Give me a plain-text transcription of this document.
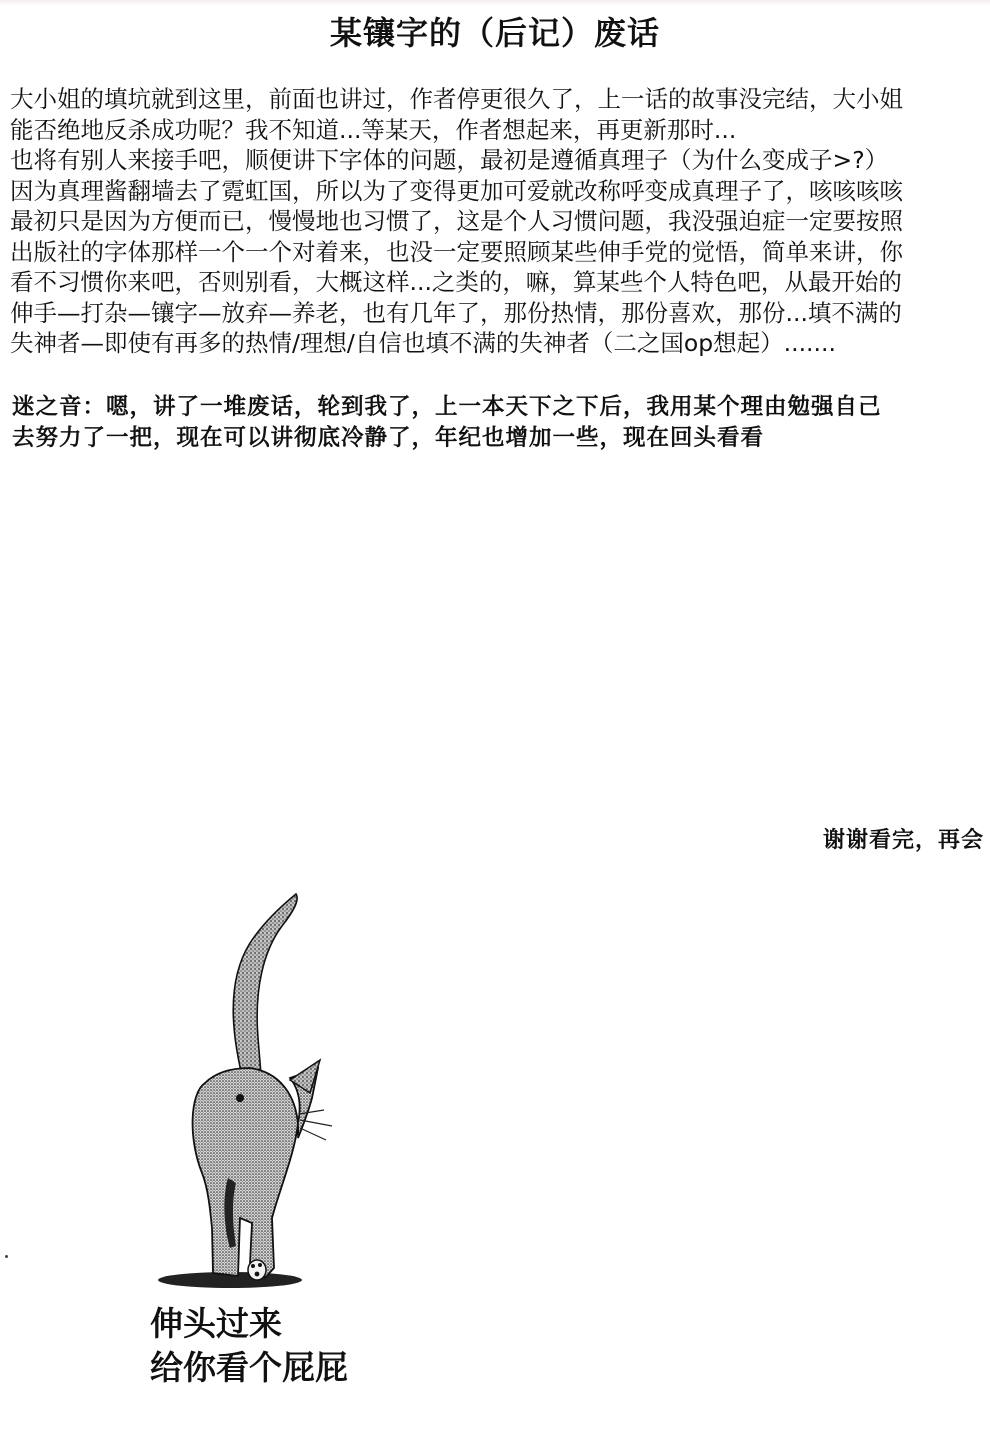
某镶字的（后记）废话
大小姐的填坑就到这里，前面也讲过，作者停更很久了，上一话的故事没完结，大小姐
能否绝地反杀成功呢？我不知道...等某天，作者想起来，再更新那时...
也将有别人来接手吧，顺便讲下字体的问题，最初是遵循真理子（为什么变成子>?）
因为真理酱翻墙去了霓虹国，所以为了变得更加可爱就改称呼变成真理子了，咳咳咳咳
最初只是因为方便而已，慢慢地也习惯了，这是个人习惯问题，我没强迫症一定要按照
出版社的字体那样一个一个对着来，也没一定要照顾某些伸手党的觉悟，简单来讲，你
看不习惯你来吧，否则别看，大概这样...之类的，嘛，算某些个人特色吧，从最开始的
伸手—打杂—镶字—放弃—养老，也有几年了，那份热情，那份喜欢，那份...填不满的
失神者—即使有再多的热情/理想/自信也填不满的失神者（二之国op想起）.......
迷之音：嗯，讲了一堆废话，轮到我了，上一本天下之下后，我用某个理由勉强自己
去努力了一把，现在可以讲彻底冷静了，年纪也增加一些，现在回头看看
谢谢看完，再会
伸头过来
给你看个屁屁
